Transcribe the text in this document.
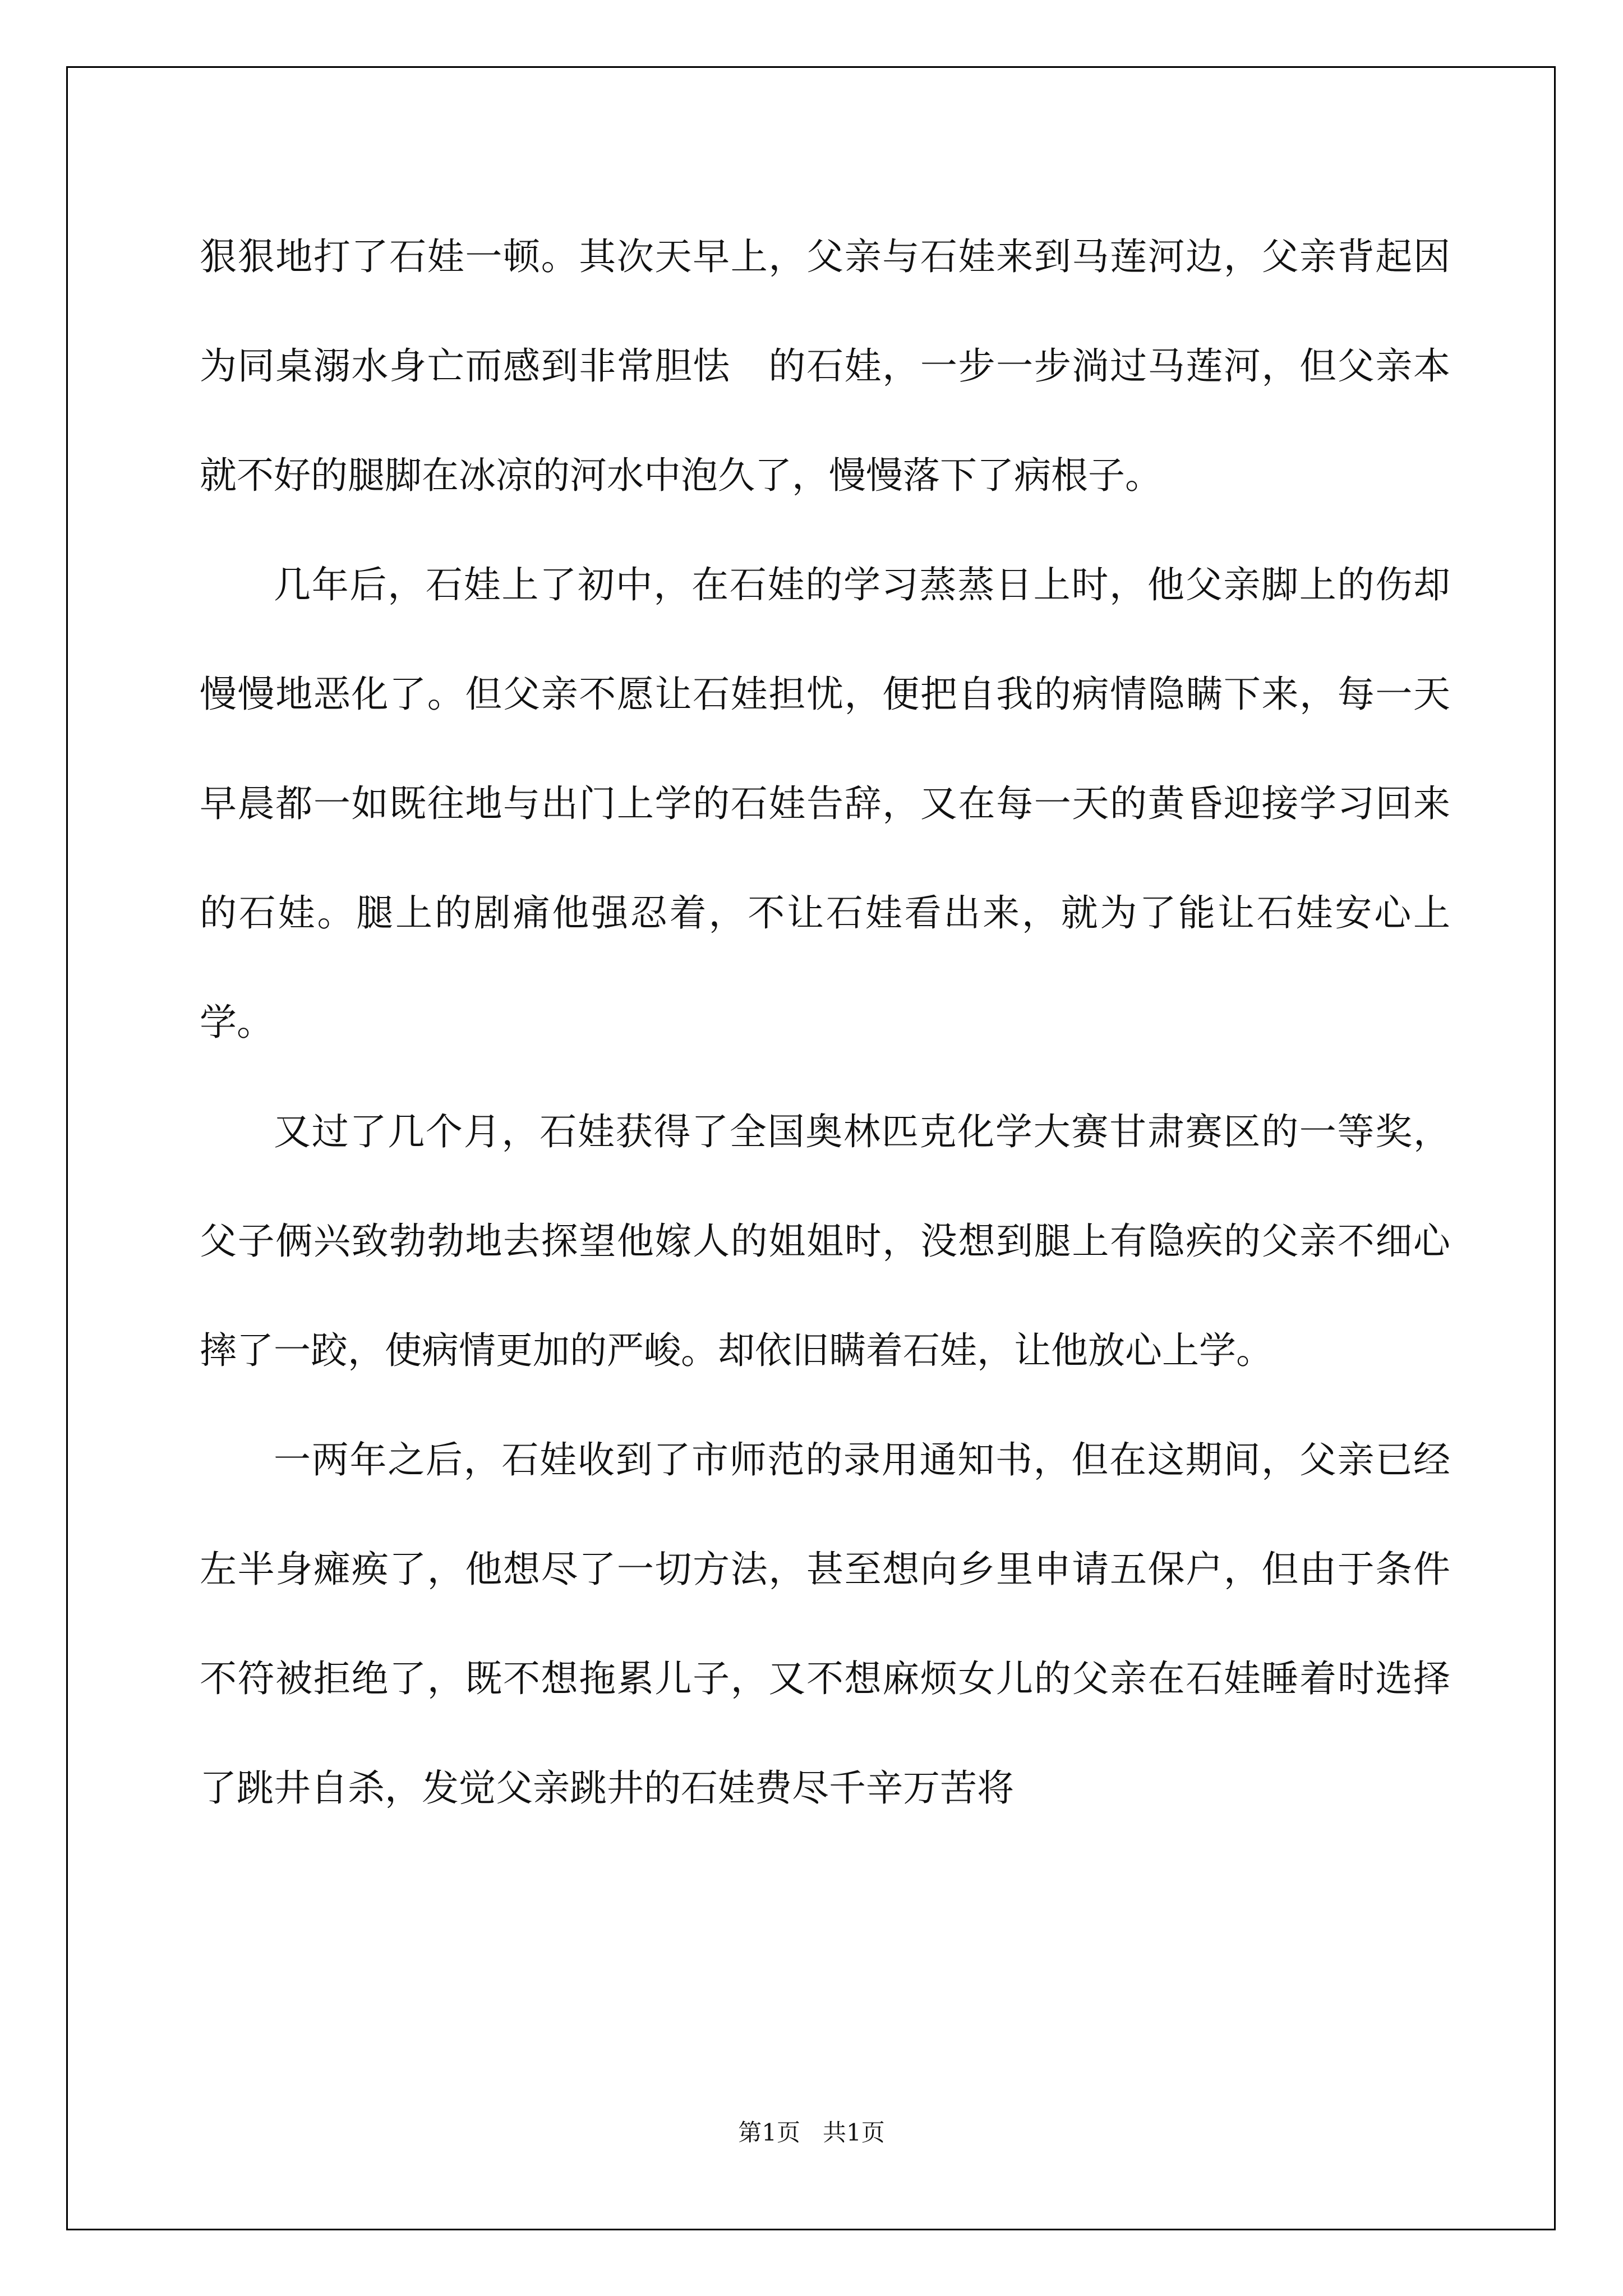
狠狠地打了石娃一顿。其次天早上，父亲与石娃来到马莲河边，父亲背起因为同桌溺水身亡而感到非常胆怯　的石娃，一步一步淌过马莲河，但父亲本就不好的腿脚在冰凉的河水中泡久了，慢慢落下了病根子。

几年后，石娃上了初中，在石娃的学习蒸蒸日上时，他父亲脚上的伤却慢慢地恶化了。但父亲不愿让石娃担忧，便把自我的病情隐瞒下来，每一天早晨都一如既往地与出门上学的石娃告辞，又在每一天的黄昏迎接学习回来的石娃。腿上的剧痛他强忍着，不让石娃看出来，就为了能让石娃安心上学。

又过了几个月，石娃获得了全国奥林匹克化学大赛甘肃赛区的一等奖，父子俩兴致勃勃地去探望他嫁人的姐姐时，没想到腿上有隐疾的父亲不细心摔了一跤，使病情更加的严峻。却依旧瞒着石娃，让他放心上学。

一两年之后，石娃收到了市师范的录用通知书，但在这期间，父亲已经左半身瘫痪了，他想尽了一切方法，甚至想向乡里申请五保户，但由于条件不符被拒绝了，既不想拖累儿子，又不想麻烦女儿的父亲在石娃睡着时选择了跳井自杀，发觉父亲跳井的石娃费尽千辛万苦将

第1页   共1页
